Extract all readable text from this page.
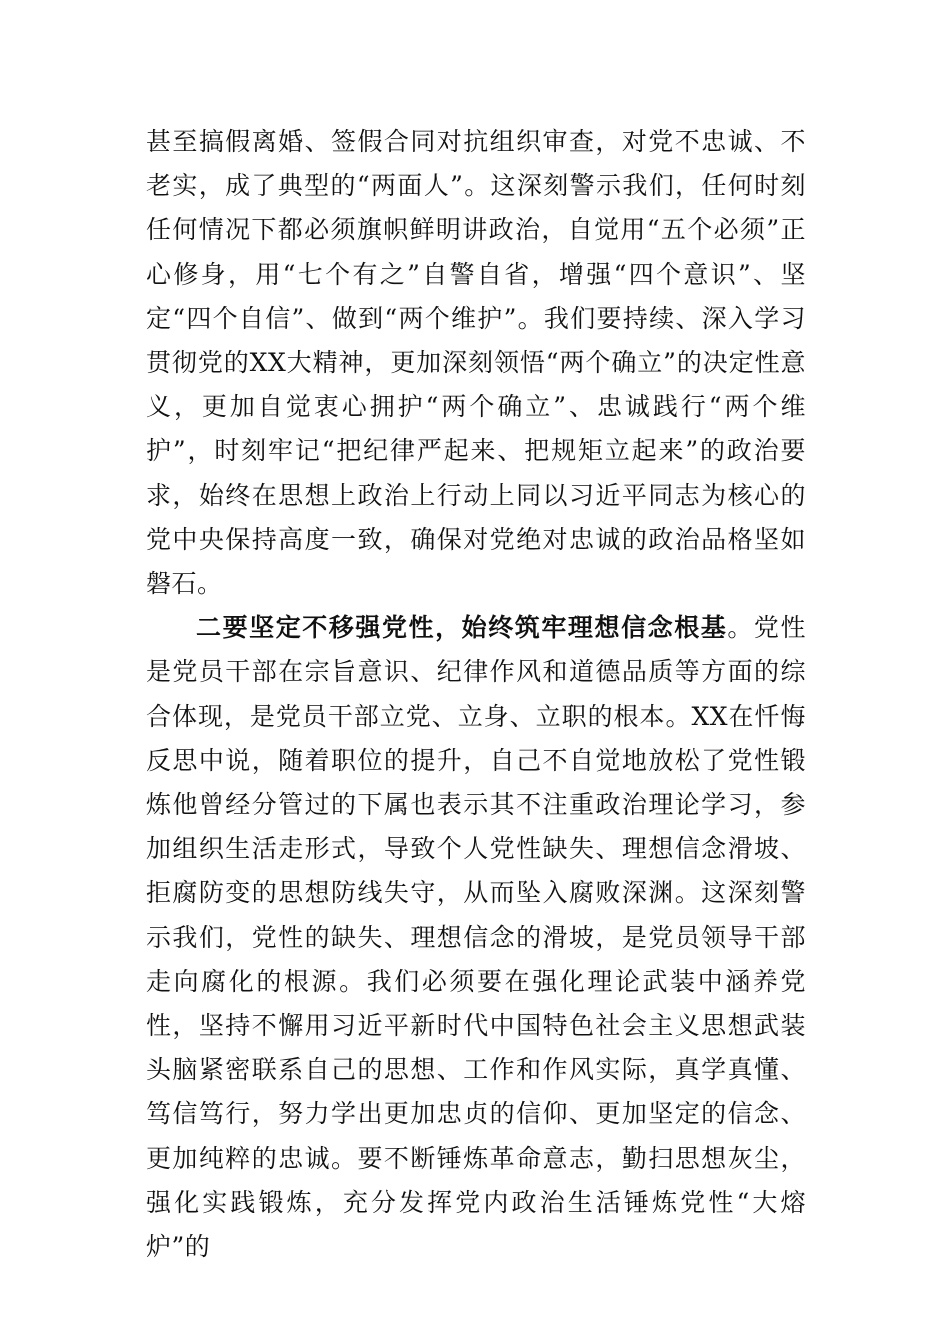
甚至搞假离婚、签假合同对抗组织审查，对党不忠诚、不老实，成了典型的“两面人”。这深刻警示我们，任何时刻任何情况下都必须旗帜鲜明讲政治，自觉用“五个必须”正心修身，用“七个有之”自警自省，增强“四个意识”、坚定“四个自信”、做到“两个维护”。我们要持续、深入学习贯彻党的XX大精神，更加深刻领悟“两个确立”的决定性意义，更加自觉衷心拥护“两个确立”、忠诚践行“两个维护”，时刻牢记“把纪律严起来、把规矩立起来”的政治要求，始终在思想上政治上行动上同以习近平同志为核心的党中央保持高度一致，确保对党绝对忠诚的政治品格坚如磐石。

二要坚定不移强党性，始终筑牢理想信念根基。党性是党员干部在宗旨意识、纪律作风和道德品质等方面的综合体现，是党员干部立党、立身、立职的根本。XX在忏悔反思中说，随着职位的提升，自己不自觉地放松了党性锻炼他曾经分管过的下属也表示其不注重政治理论学习，参加组织生活走形式，导致个人党性缺失、理想信念滑坡、拒腐防变的思想防线失守，从而坠入腐败深渊。这深刻警示我们，党性的缺失、理想信念的滑坡，是党员领导干部走向腐化的根源。我们必须要在强化理论武装中涵养党性，坚持不懈用习近平新时代中国特色社会主义思想武装头脑紧密联系自己的思想、工作和作风实际，真学真懂、笃信笃行，努力学出更加忠贞的信仰、更加坚定的信念、更加纯粹的忠诚。要不断锤炼革命意志，勤扫思想灰尘，强化实践锻炼，充分发挥党内政治生活锤炼党性“大熔炉”的
